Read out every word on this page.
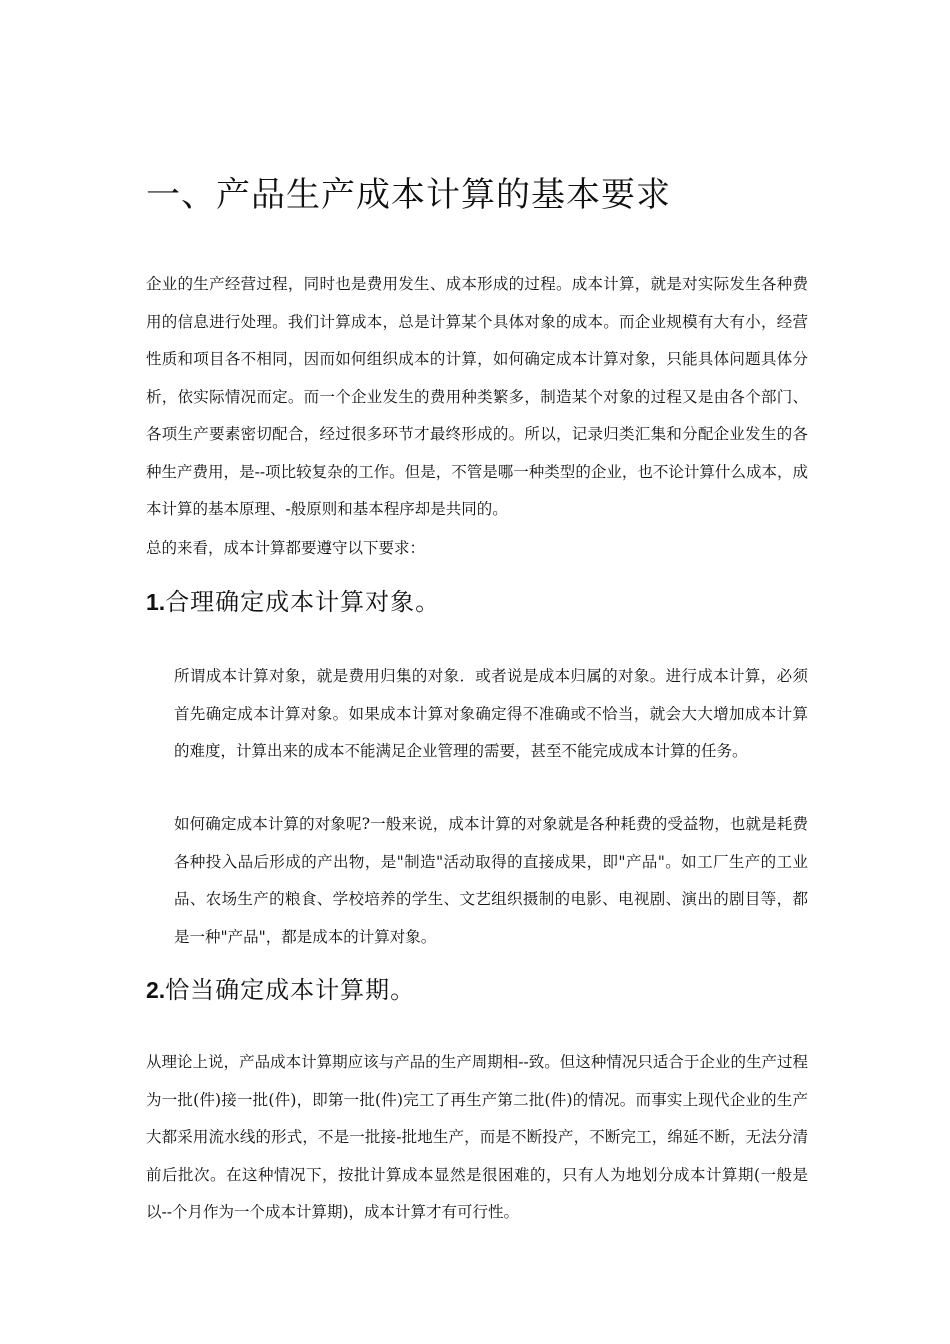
一、产品生产成本计算的基本要求

企业的生产经营过程，同时也是费用发生、成本形成的过程。成本计算，就是对实际发生各种费用的信息进行处理。我们计算成本，总是计算某个具体对象的成本。而企业规模有大有小，经营性质和项目各不相同，因而如何组织成本的计算，如何确定成本计算对象，只能具体问题具体分析，依实际情况而定。而一个企业发生的费用种类繁多，制造某个对象的过程又是由各个部门、各项生产要素密切配合，经过很多环节才最终形成的。所以，记录归类汇集和分配企业发生的各种生产费用，是--项比较复杂的工作。但是，不管是哪一种类型的企业，也不论计算什么成本，成本计算的基本原理、-般原则和基本程序却是共同的。

总的来看，成本计算都要遵守以下要求：

1.合理确定成本计算对象。

所谓成本计算对象，就是费用归集的对象．或者说是成本归属的对象。进行成本计算，必须首先确定成本计算对象。如果成本计算对象确定得不准确或不恰当，就会大大增加成本计算的难度，计算出来的成本不能满足企业管理的需要，甚至不能完成成本计算的任务。

如何确定成本计算的对象呢?一般来说，成本计算的对象就是各种耗费的受益物，也就是耗费各种投入品后形成的产出物，是"制造"活动取得的直接成果，即"产品"。如工厂生产的工业品、农场生产的粮食、学校培养的学生、文艺组织摄制的电影、电视剧、演出的剧目等，都是一种"产品"，都是成本的计算对象。

2.恰当确定成本计算期。

从理论上说，产品成本计算期应该与产品的生产周期相--致。但这种情况只适合于企业的生产过程为一批(件)接一批(件)，即第一批(件)完工了再生产第二批(件)的情况。而事实上现代企业的生产大都采用流水线的形式，不是一批接-批地生产，而是不断投产，不断完工，绵延不断，无法分清前后批次。在这种情况下，按批计算成本显然是很困难的，只有人为地划分成本计算期(一般是以--个月作为一个成本计算期)，成本计算才有可行性。
